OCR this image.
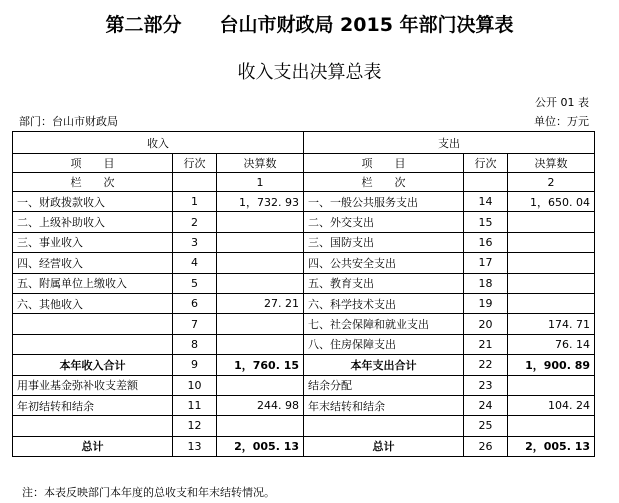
第二部分　　台山市财政局 2015 年部门决算表
收入支出决算总表
公开 01 表
部门：台山市财政局	单位：万元
收入			支出		
项　　目	行次	决算数	项　　目	行次	决算数
栏　　次		1	栏　　次		2
一、财政拨款收入	1	1，732. 93	一、一般公共服务支出	14	1，650. 04
二、上级补助收入	2		二、外交支出	15	
三、事业收入	3		三、国防支出	16	
四、经营收入	4		四、公共安全支出	17	
五、附属单位上缴收入	5		五、教育支出	18	
六、其他收入	6	27. 21	六、科学技术支出	19	
	7		七、社会保障和就业支出	20	174. 71
	8		八、住房保障支出	21	76. 14
本年收入合计	9	1，760. 15	本年支出合计	22	1，900. 89
用事业基金弥补收支差额	10		结余分配	23	
年初结转和结余	11	244. 98	年末结转和结余	24	104. 24
	12			25	
总计	13	2，005. 13	总计	26	2，005. 13
注：本表反映部门本年度的总收支和年末结转情况。
